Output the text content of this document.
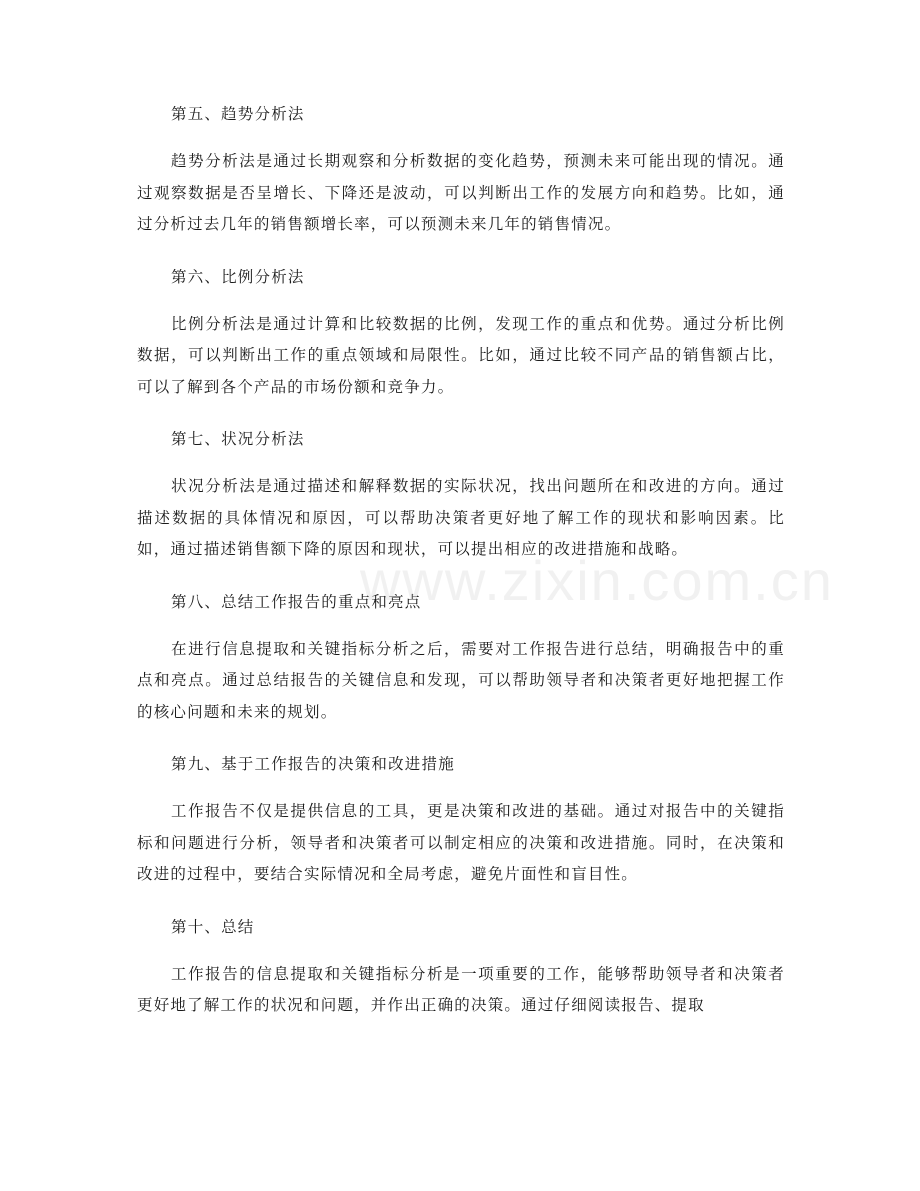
第五、趋势分析法
趋势分析法是通过长期观察和分析数据的变化趋势，预测未来可能出现的情况。通过观察数据是否呈增长、下降还是波动，可以判断出工作的发展方向和趋势。比如，通过分析过去几年的销售额增长率，可以预测未来几年的销售情况。
第六、比例分析法
比例分析法是通过计算和比较数据的比例，发现工作的重点和优势。通过分析比例数据，可以判断出工作的重点领域和局限性。比如，通过比较不同产品的销售额占比，可以了解到各个产品的市场份额和竞争力。
第七、状况分析法
状况分析法是通过描述和解释数据的实际状况，找出问题所在和改进的方向。通过描述数据的具体情况和原因，可以帮助决策者更好地了解工作的现状和影响因素。比如，通过描述销售额下降的原因和现状，可以提出相应的改进措施和战略。
第八、总结工作报告的重点和亮点
在进行信息提取和关键指标分析之后，需要对工作报告进行总结，明确报告中的重点和亮点。通过总结报告的关键信息和发现，可以帮助领导者和决策者更好地把握工作的核心问题和未来的规划。
第九、基于工作报告的决策和改进措施
工作报告不仅是提供信息的工具，更是决策和改进的基础。通过对报告中的关键指标和问题进行分析，领导者和决策者可以制定相应的决策和改进措施。同时，在决策和改进的过程中，要结合实际情况和全局考虑，避免片面性和盲目性。
第十、总结
工作报告的信息提取和关键指标分析是一项重要的工作，能够帮助领导者和决策者更好地了解工作的状况和问题，并作出正确的决策。通过仔细阅读报告、提取
www.zixin.com.cn
